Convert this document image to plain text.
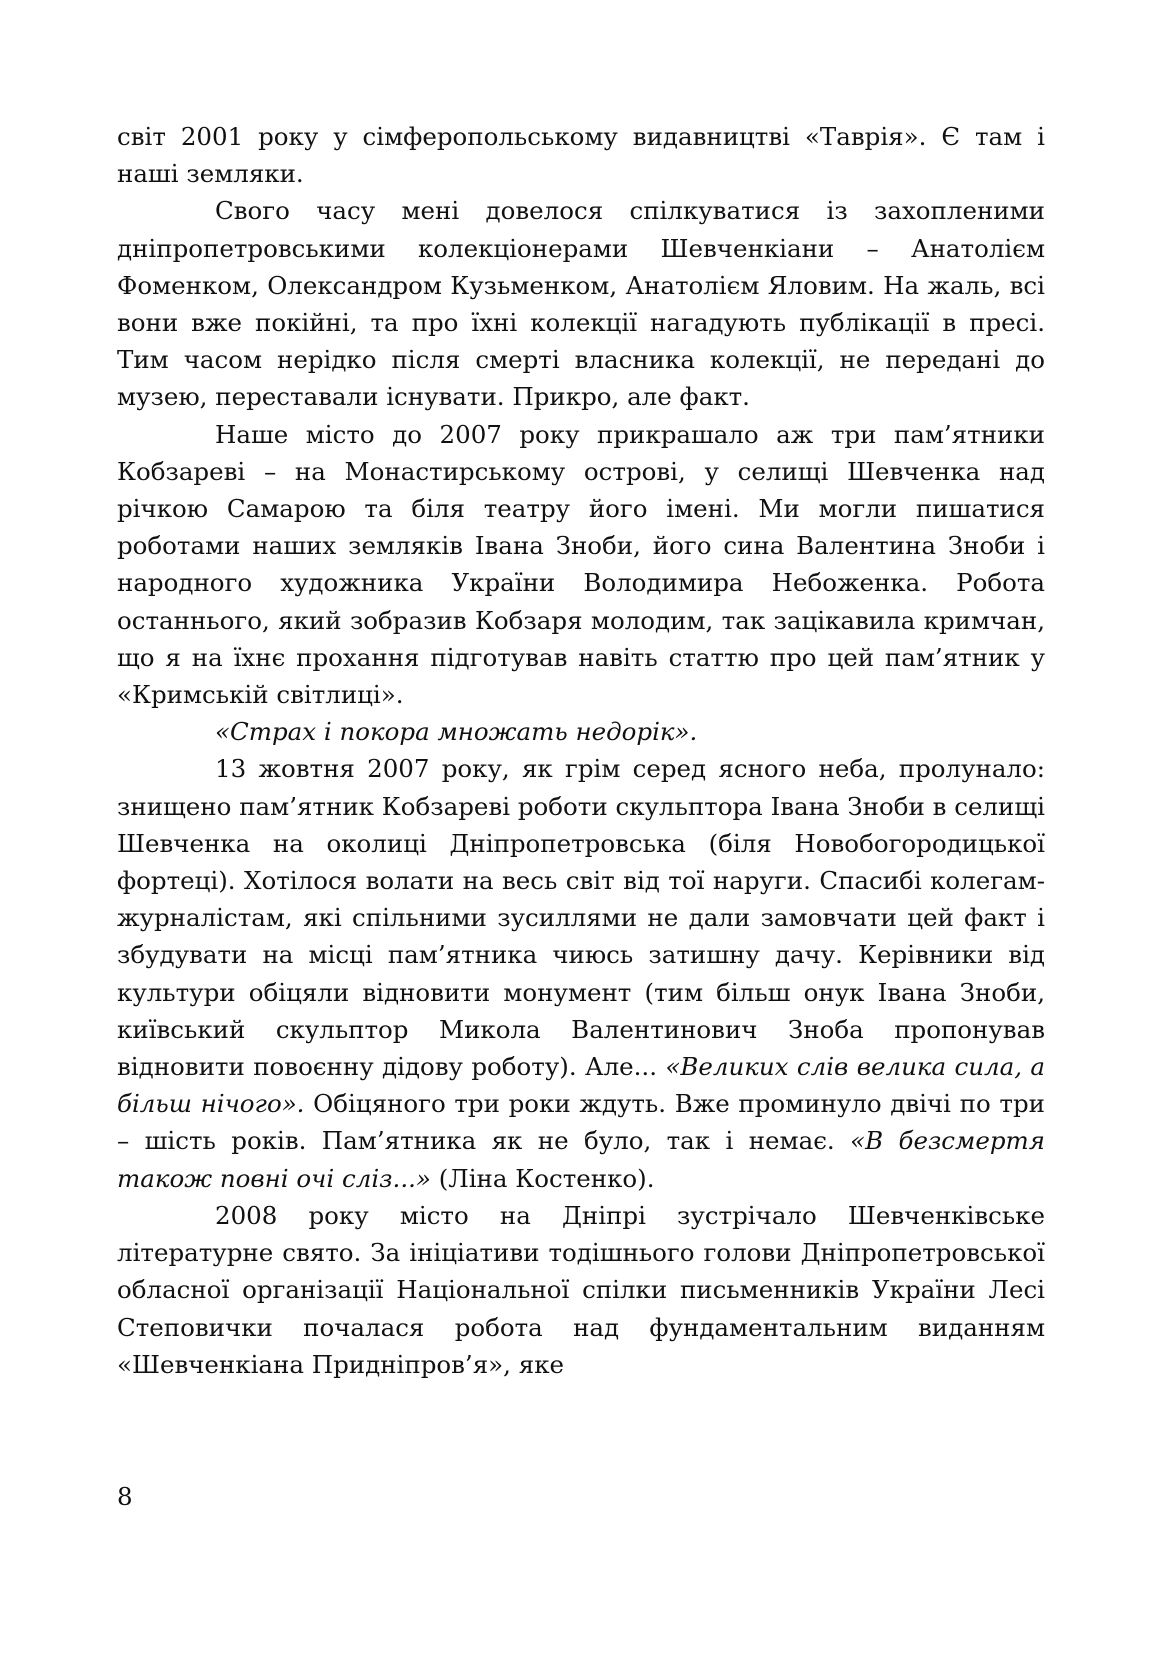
світ 2001 року у сімферопольському видавництві «Таврія». Є там і наші земляки.

Свого часу мені довелося спілкуватися із захопленими дніпропетровськими колекціонерами Шевченкіани – Анатолієм Фоменком, Олександром Кузьменком, Анатолієм Яловим. На жаль, всі вони вже покійні, та про їхні колекції нагадують публікації в пресі. Тим часом нерідко після смерті власника колекції, не передані до музею, переставали існувати. Прикро, але факт.

Наше місто до 2007 року прикрашало аж три пам’ятники Кобзареві – на Монастирському острові, у селищі Шевченка над річкою Самарою та біля театру його імені. Ми могли пишатися роботами наших земляків Івана Зноби, його сина Валентина Зноби і народного художника України Володимира Небоженка. Робота останнього, який зобразив Кобзаря молодим, так зацікавила кримчан, що я на їхнє прохання підготував навіть статтю про цей пам’ятник у «Кримській світлиці».

«Страх і покора множать недорік».

13 жовтня 2007 року, як грім серед ясного неба, пролунало: знищено пам’ятник Кобзареві роботи скульптора Івана Зноби в селищі Шевченка на околиці Дніпропетровська (біля Новобогородицької фортеці). Хотілося волати на весь світ від тої наруги. Спасибі колегам-журналістам, які спільними зусиллями не дали замовчати цей факт і збудувати на місці пам’ятника чиюсь затишну дачу. Керівники від культури обіцяли відновити монумент (тим більш онук Івана Зноби, київський скульптор Микола Валентинович Зноба пропонував відновити повоєнну дідову роботу). Але... «Великих слів велика сила, а більш нічого». Обіцяного три роки ждуть. Вже проминуло двічі по три – шість років. Пам’ятника як не було, так і немає. «В безсмертя також повні очі сліз...» (Ліна Костенко).

2008 року місто на Дніпрі зустрічало Шевченківське літературне свято. За ініціативи тодішнього голови Дніпропетровської обласної організації Національної спілки письменників України Лесі Степовички почалася робота над фундаментальним виданням «Шевченкіана Придніпров’я», яке

8
